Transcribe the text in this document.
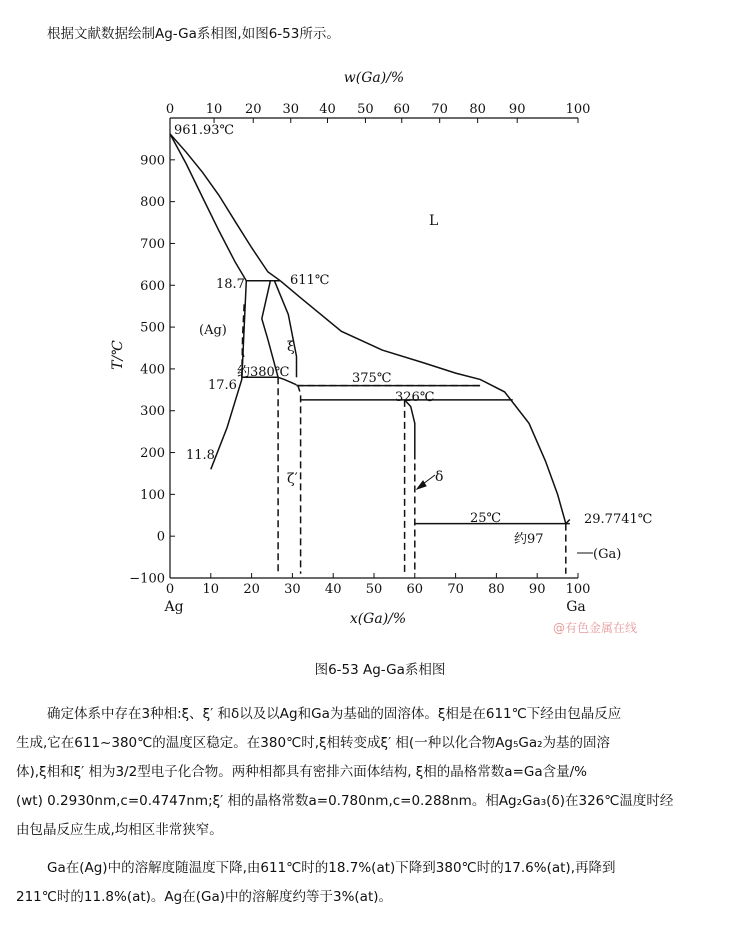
根据文献数据绘制Ag-Ga系相图,如图6-53所示。
0 10 20 30 40 50 60 70 80 90 100
0 10 20 30 40 50 60 70 80 90	100
−100
0
100
200
300
400
500
600
700
800
900
w(Ga)/%
x(Ga)/%
T/℃
Ag	Ga
961.93℃
L
611℃
18.7
(Ag)
ξ
约380℃
17.6
11.8
375℃
326℃
ζ′	δ
25℃
约97
29.7741℃
(Ga)
@有色金属在线
图6-53 Ag-Ga系相图
确定体系中存在3种相:ξ、ξ′ 和δ以及以Ag和Ga为基础的固溶体。ξ相是在611℃下经由包晶反应
生成,它在611~380℃的温度区稳定。在380℃时,ξ相转变成ξ′ 相(一种以化合物Ag₅Ga₂为基的固溶
体),ξ相和ξ′ 相为3/2型电子化合物。两种相都具有密排六面体结构, ξ相的晶格常数a=Ga含量/%
(wt) 0.2930nm,c=0.4747nm;ξ′ 相的晶格常数a=0.780nm,c=0.288nm。相Ag₂Ga₃(δ)在326℃温度时经
由包晶反应生成,均相区非常狭窄。
Ga在(Ag)中的溶解度随温度下降,由611℃时的18.7%(at)下降到380℃时的17.6%(at),再降到
211℃时的11.8%(at)。Ag在(Ga)中的溶解度约等于3%(at)。
